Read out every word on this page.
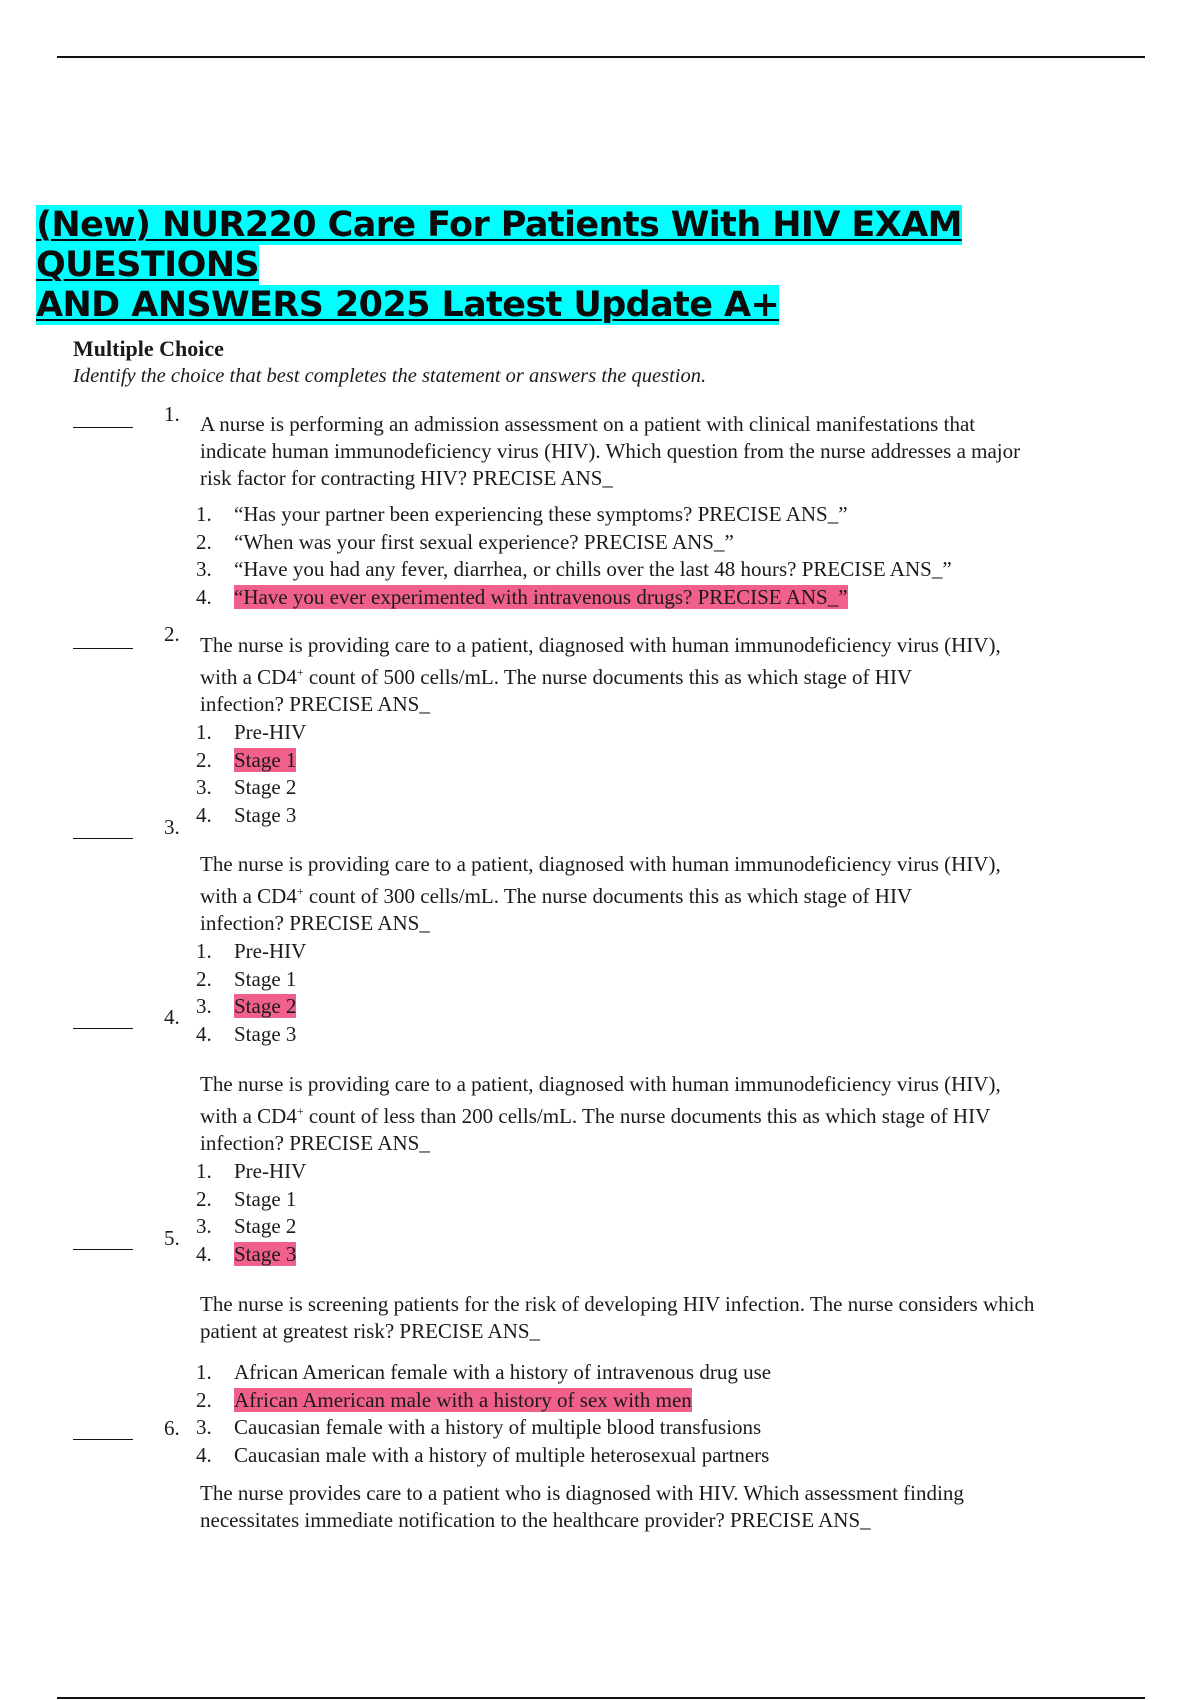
(New) NUR220 Care For Patients With HIV EXAM QUESTIONS
AND ANSWERS 2025 Latest Update A+
Multiple Choice
Identify the choice that best completes the statement or answers the question.
1. A nurse is performing an admission assessment on a patient with clinical manifestations that
indicate human immunodeficiency virus (HIV). Which question from the nurse addresses a major
risk factor for contracting HIV? PRECISE ANS_
1. “Has your partner been experiencing these symptoms? PRECISE ANS_”
2. “When was your first sexual experience? PRECISE ANS_”
3. “Have you had any fever, diarrhea, or chills over the last 48 hours? PRECISE ANS_”
4. “Have you ever experimented with intravenous drugs? PRECISE ANS_”
2. The nurse is providing care to a patient, diagnosed with human immunodeficiency virus (HIV),
with a CD4+ count of 500 cells/mL. The nurse documents this as which stage of HIV
infection? PRECISE ANS_
1. Pre-HIV
2. Stage 1
3. Stage 2
4. Stage 3
3.
The nurse is providing care to a patient, diagnosed with human immunodeficiency virus (HIV),
with a CD4+ count of 300 cells/mL. The nurse documents this as which stage of HIV
infection? PRECISE ANS_
1. Pre-HIV
2. Stage 1
3. Stage 2
4. Stage 3
4.
The nurse is providing care to a patient, diagnosed with human immunodeficiency virus (HIV),
with a CD4+ count of less than 200 cells/mL. The nurse documents this as which stage of HIV
infection? PRECISE ANS_
1. Pre-HIV
2. Stage 1
3. Stage 2
4. Stage 3
5.
The nurse is screening patients for the risk of developing HIV infection. The nurse considers which
patient at greatest risk? PRECISE ANS_
1. African American female with a history of intravenous drug use
2. African American male with a history of sex with men
3. Caucasian female with a history of multiple blood transfusions
4. Caucasian male with a history of multiple heterosexual partners
6.
The nurse provides care to a patient who is diagnosed with HIV. Which assessment finding
necessitates immediate notification to the healthcare provider? PRECISE ANS_
